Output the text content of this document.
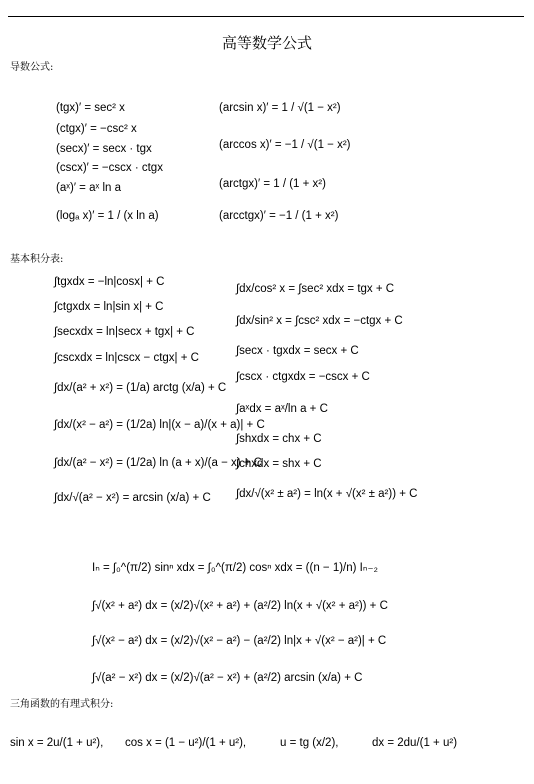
高等数学公式
导数公式:
(tgx)′ = sec² x
(ctgx)′ = −csc² x
(secx)′ = secx · tgx
(cscx)′ = −cscx · ctgx
(aˣ)′ = aˣ ln a
(logₐ x)′ = 1 / (x ln a)
(arcsin x)′ = 1 / √(1 − x²)
(arccos x)′ = −1 / √(1 − x²)
(arctgx)′ = 1 / (1 + x²)
(arcctgx)′ = −1 / (1 + x²)
基本积分表:
∫tgxdx = −ln|cosx| + C
∫ctgxdx = ln|sin x| + C
∫secxdx = ln|secx + tgx| + C
∫cscxdx = ln|cscx − ctgx| + C
∫dx/(a² + x²) = (1/a) arctg (x/a) + C
∫dx/(x² − a²) = (1/2a) ln|(x − a)/(x + a)| + C
∫dx/(a² − x²) = (1/2a) ln (a + x)/(a − x) + C
∫dx/√(a² − x²) = arcsin (x/a) + C
∫dx/cos² x = ∫sec² xdx = tgx + C
∫dx/sin² x = ∫csc² xdx = −ctgx + C
∫secx · tgxdx = secx + C
∫cscx · ctgxdx = −cscx + C
∫aˣdx = aˣ/ln a + C
∫shxdx = chx + C
∫chxdx = shx + C
∫dx/√(x² ± a²) = ln(x + √(x² ± a²)) + C
Iₙ = ∫₀^(π/2) sinⁿ xdx = ∫₀^(π/2) cosⁿ xdx = ((n − 1)/n) Iₙ₋₂
∫√(x² + a²) dx = (x/2)√(x² + a²) + (a²/2) ln(x + √(x² + a²)) + C
∫√(x² − a²) dx = (x/2)√(x² − a²) − (a²/2) ln|x + √(x² − a²)| + C
∫√(a² − x²) dx = (x/2)√(a² − x²) + (a²/2) arcsin (x/a) + C
三角函数的有理式积分:
sin x = 2u/(1 + u²), cos x = (1 − u²)/(1 + u²),	u = tg (x/2),	dx = 2du/(1 + u²)
